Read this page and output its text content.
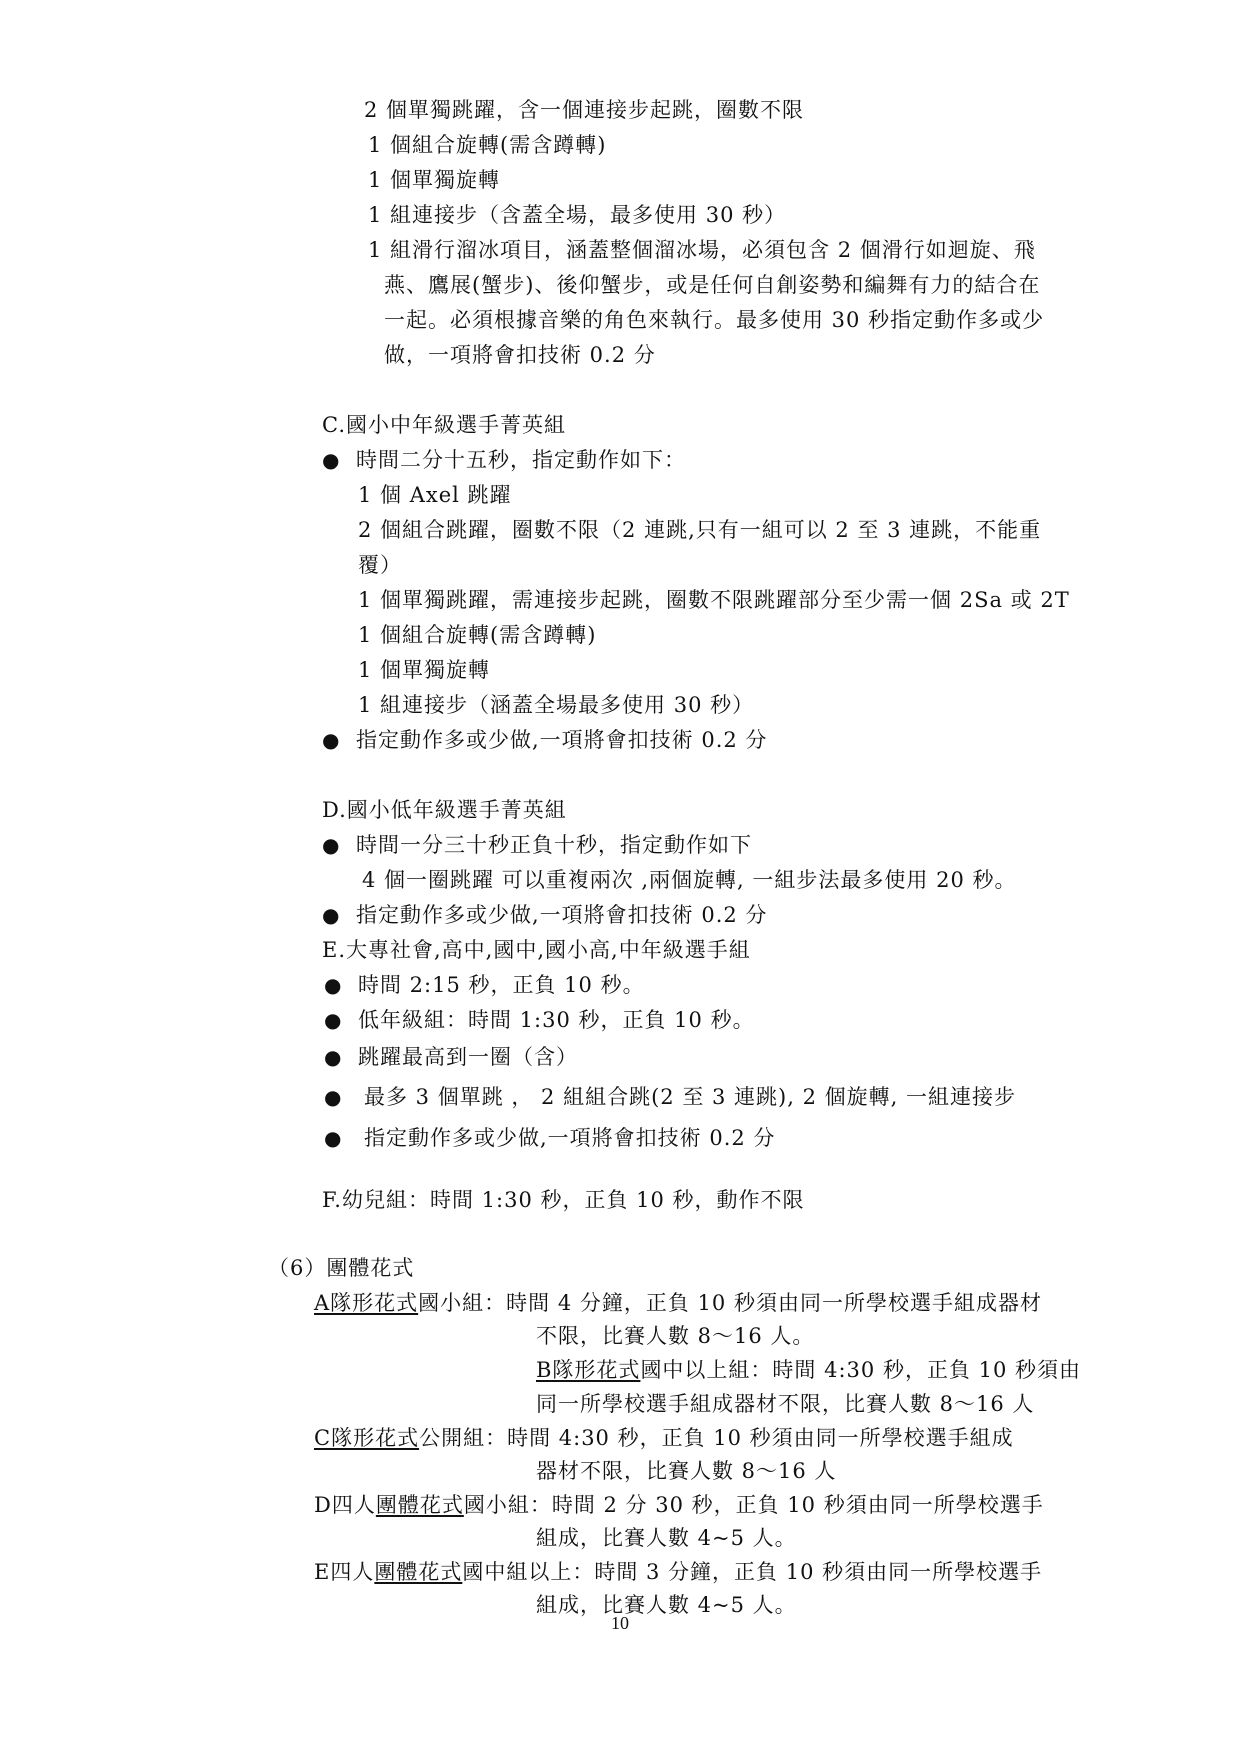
2 個單獨跳躍，含一個連接步起跳，圈數不限
1 個組合旋轉(需含蹲轉)
1 個單獨旋轉
1 組連接步（含蓋全場，最多使用 30 秒）
1 組滑行溜冰項目，涵蓋整個溜冰場，必須包含 2 個滑行如迴旋、飛
燕、鷹展(蟹步)、後仰蟹步，或是任何自創姿勢和編舞有力的結合在
一起。必須根據音樂的角色來執行。最多使用 30 秒指定動作多或少
做，一項將會扣技術 0.2 分
C.國小中年級選手菁英組
● 時間二分十五秒，指定動作如下：
1 個 Axel 跳躍
2 個組合跳躍，圈數不限（2 連跳,只有一組可以 2 至 3 連跳，不能重
覆）
1 個單獨跳躍，需連接步起跳，圈數不限跳躍部分至少需一個 2Sa 或 2T
1 個組合旋轉(需含蹲轉)
1 個單獨旋轉
1 組連接步（涵蓋全場最多使用 30 秒）
● 指定動作多或少做,一項將會扣技術 0.2 分
D.國小低年級選手菁英組
● 時間一分三十秒正負十秒，指定動作如下
4 個一圈跳躍 可以重複兩次 ,兩個旋轉, 一組步法最多使用 20 秒。
● 指定動作多或少做,一項將會扣技術 0.2 分
E.大專社會,高中,國中,國小高,中年級選手組
● 時間 2:15 秒，正負 10 秒。
● 低年級組：時間 1:30 秒，正負 10 秒。
● 跳躍最高到一圈（含）
● 最多 3 個單跳 ， 2 組組合跳(2 至 3 連跳), 2 個旋轉, 一組連接步
● 指定動作多或少做,一項將會扣技術 0.2 分
F.幼兒組：時間 1:30 秒，正負 10 秒，動作不限
（6）團體花式
A隊形花式國小組：時間 4 分鐘，正負 10 秒須由同一所學校選手組成器材
不限，比賽人數 8～16 人。
B隊形花式國中以上組：時間 4:30 秒，正負 10 秒須由
同一所學校選手組成器材不限，比賽人數 8～16 人
C隊形花式公開組：時間 4:30 秒，正負 10 秒須由同一所學校選手組成
器材不限，比賽人數 8～16 人
D四人團體花式國小組：時間 2 分 30 秒，正負 10 秒須由同一所學校選手
組成，比賽人數 4~5 人。
E四人團體花式國中組以上：時間 3 分鐘，正負 10 秒須由同一所學校選手
組成，比賽人數 4~5 人。
10
